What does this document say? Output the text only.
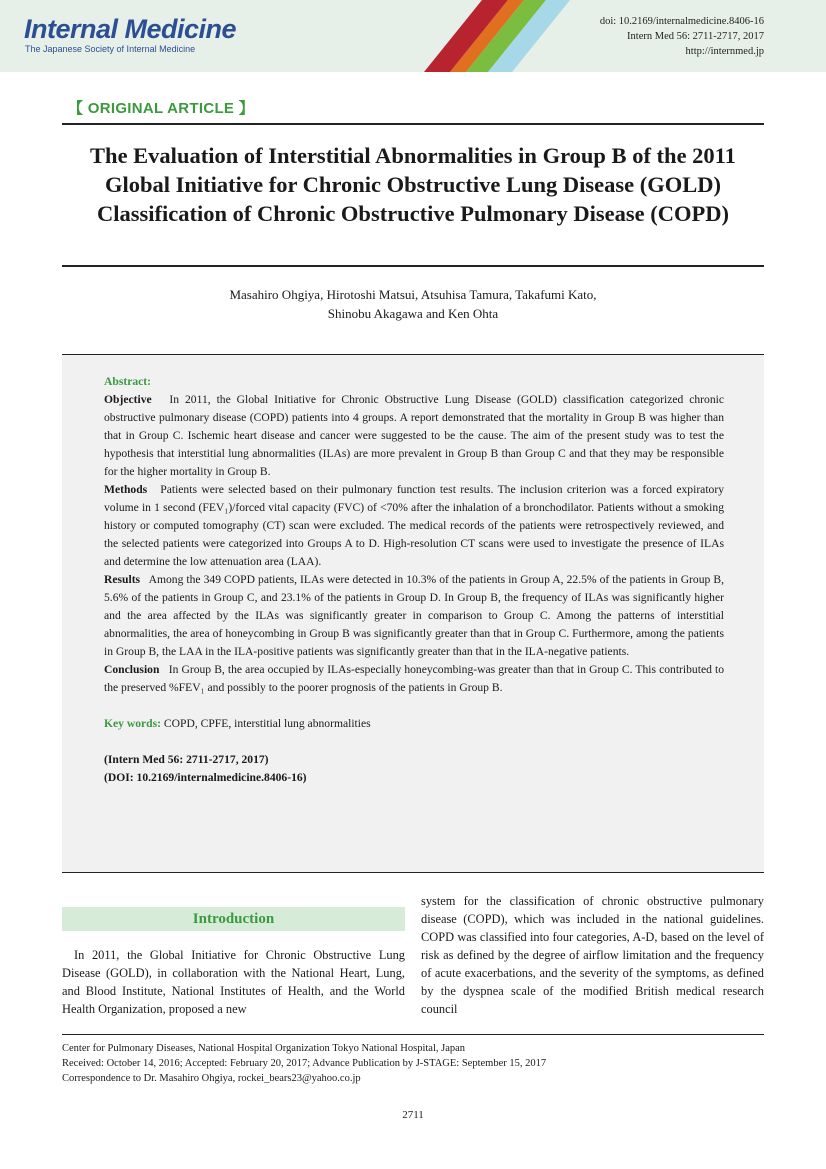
Internal Medicine
The Japanese Society of Internal Medicine
doi: 10.2169/internalmedicine.8406-16
Intern Med 56: 2711-2717, 2017
http://internmed.jp
【 ORIGINAL ARTICLE 】
The Evaluation of Interstitial Abnormalities in Group B of the 2011 Global Initiative for Chronic Obstructive Lung Disease (GOLD) Classification of Chronic Obstructive Pulmonary Disease (COPD)
Masahiro Ohgiya, Hirotoshi Matsui, Atsuhisa Tamura, Takafumi Kato,
Shinobu Akagawa and Ken Ohta
Abstract:
Objective In 2011, the Global Initiative for Chronic Obstructive Lung Disease (GOLD) classification categorized chronic obstructive pulmonary disease (COPD) patients into 4 groups. A report demonstrated that the mortality in Group B was higher than that in Group C. Ischemic heart disease and cancer were suggested to be the cause. The aim of the present study was to test the hypothesis that interstitial lung abnormalities (ILAs) are more prevalent in Group B than Group C and that they may be responsible for the higher mortality in Group B.
Methods Patients were selected based on their pulmonary function test results. The inclusion criterion was a forced expiratory volume in 1 second (FEV₁)/forced vital capacity (FVC) of <70% after the inhalation of a bronchodilator. Patients without a smoking history or computed tomography (CT) scan were excluded. The medical records of the patients were retrospectively reviewed, and the selected patients were categorized into Groups A to D. High-resolution CT scans were used to investigate the presence of ILAs and determine the low attenuation area (LAA).
Results Among the 349 COPD patients, ILAs were detected in 10.3% of the patients in Group A, 22.5% of the patients in Group B, 5.6% of the patients in Group C, and 23.1% of the patients in Group D. In Group B, the frequency of ILAs was significantly higher and the area affected by the ILAs was significantly greater in comparison to Group C. Among the patterns of interstitial abnormalities, the area of honeycombing in Group B was significantly greater than that in Group C. Furthermore, among the patients in Group B, the LAA in the ILA-positive patients was significantly greater than that in the ILA-negative patients.
Conclusion In Group B, the area occupied by ILAs-especially honeycombing-was greater than that in Group C. This contributed to the preserved %FEV₁ and possibly to the poorer prognosis of the patients in Group B.
Key words: COPD, CPFE, interstitial lung abnormalities
(Intern Med 56: 2711-2717, 2017)
(DOI: 10.2169/internalmedicine.8406-16)
Introduction

In 2011, the Global Initiative for Chronic Obstructive Lung Disease (GOLD), in collaboration with the National Heart, Lung, and Blood Institute, National Institutes of Health, and the World Health Organization, proposed a new

system for the classification of chronic obstructive pulmonary disease (COPD), which was included in the national guidelines. COPD was classified into four categories, A-D, based on the level of risk as defined by the degree of airflow limitation and the frequency of acute exacerbations, and the severity of the symptoms, as defined by the dyspnea scale of the modified British medical research council

Center for Pulmonary Diseases, National Hospital Organization Tokyo National Hospital, Japan
Received: October 14, 2016; Accepted: February 20, 2017; Advance Publication by J-STAGE: September 15, 2017
Correspondence to Dr. Masahiro Ohgiya, rockei_bears23@yahoo.co.jp
2711
